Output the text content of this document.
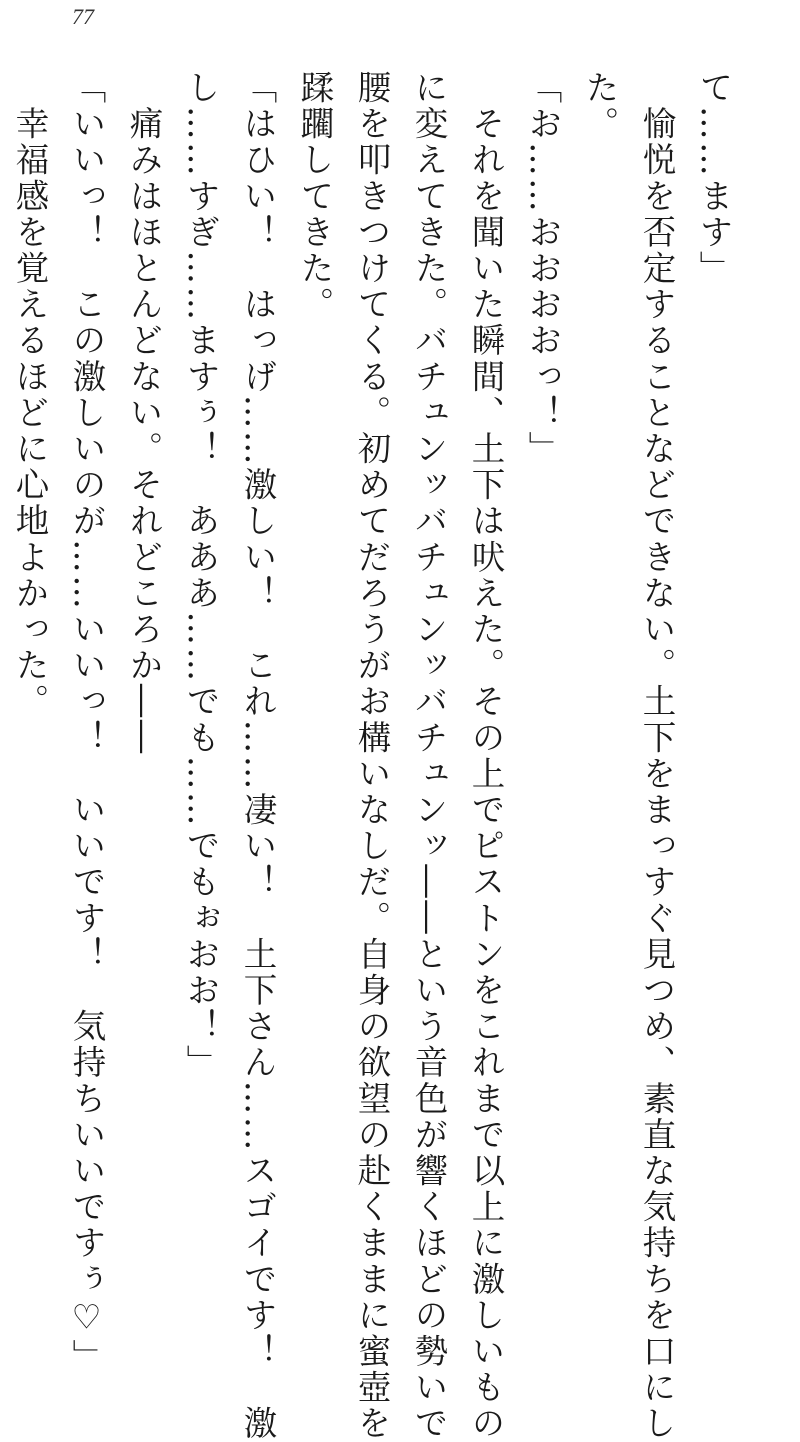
77
て……ます」
　愉悦を否定することなどできない。土下をまっすぐ見つめ、素直な気持ちを口にし
た。
「お……おおおおっ！」
　それを聞いた瞬間、土下は吠えた。その上でピストンをこれまで以上に激しいもの
に変えてきた。バチュンッバチュンッバチュンッ――という音色が響くほどの勢いで
腰を叩きつけてくる。初めてだろうがお構いなしだ。自身の欲望の赴くままに蜜壺を
蹂躙してきた。
「はひい！　はっげ……激しい！　これ……凄い！　土下さん……スゴイです！　激
し……すぎ……ますぅ！　あああ……でも……でもぉおお！」
　痛みはほとんどない。それどころか――
「いいっ！　この激しいのが……いいっ！　いいです！　気持ちいいですぅ♡」
　幸福感を覚えるほどに心地よかった。
